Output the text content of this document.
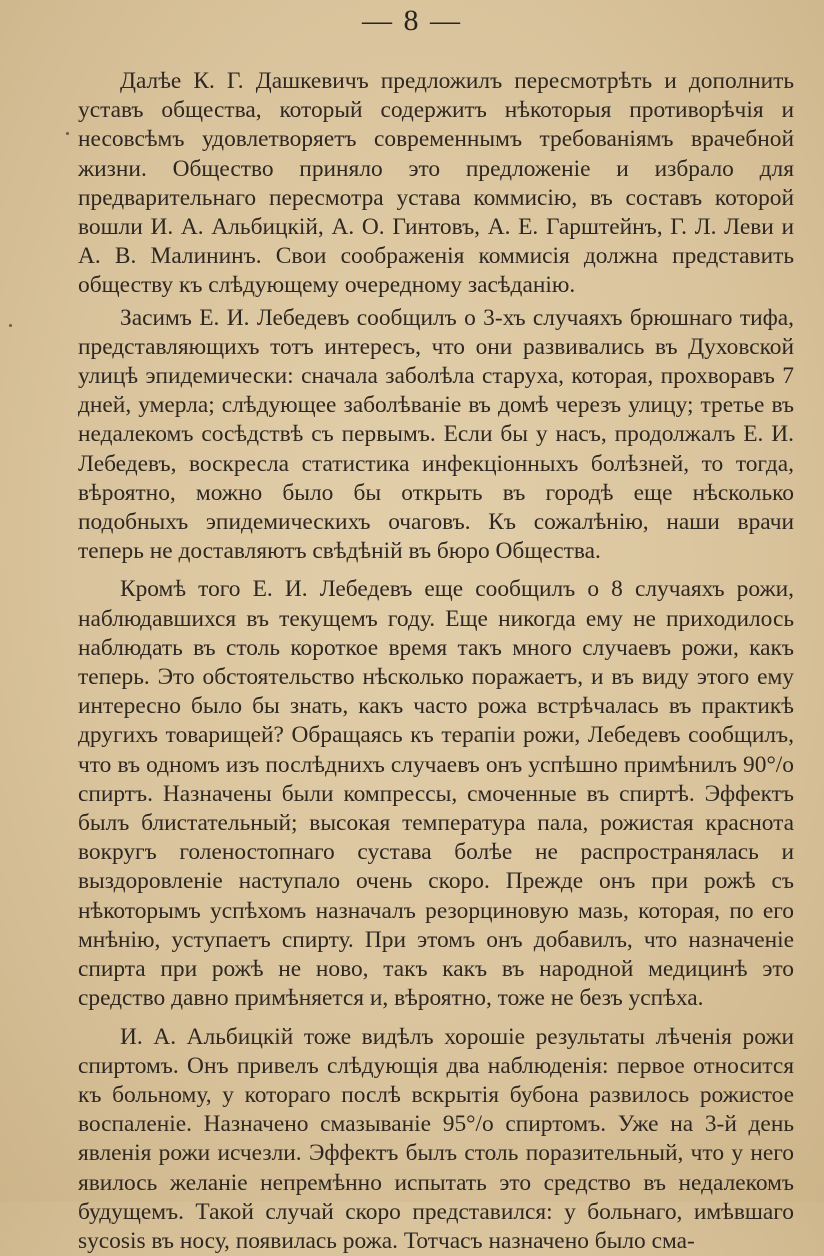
— 8 —

Далѣе К. Г. Дашкевичъ предложилъ пересмотрѣть и дополнить уставъ общества, который содержитъ нѣкоторыя противорѣчія и несовсѣмъ удовлетворяетъ современнымъ требованіямъ врачебной жизни. Общество приняло это предложеніе и избрало для предварительнаго пересмотра устава коммисію, въ составъ которой вошли И. А. Альбицкій, А. О. Гинтовъ, А. Е. Гарштейнъ, Г. Л. Леви и А. В. Малининъ. Свои соображенія коммисія должна представить обществу къ слѣдующему очередному засѣданію.

Засимъ Е. И. Лебедевъ сообщилъ о 3-хъ случаяхъ брюшнаго тифа, представляющихъ тотъ интересъ, что они развивались въ Духовской улицѣ эпидемически: сначала заболѣла старуха, которая, прохворавъ 7 дней, умерла; слѣдующее заболѣваніе въ домѣ черезъ улицу; третье въ недалекомъ сосѣдствѣ съ первымъ. Если бы у насъ, продолжалъ Е. И. Лебедевъ, воскресла статистика инфекціонныхъ болѣзней, то тогда, вѣроятно, можно было бы открыть въ городѣ еще нѣсколько подобныхъ эпидемическихъ очаговъ. Къ сожалѣнію, наши врачи теперь не доставляютъ свѣдѣній въ бюро Общества.

Кромѣ того Е. И. Лебедевъ еще сообщилъ о 8 случаяхъ рожи, наблюдавшихся въ текущемъ году. Еще никогда ему не приходилось наблюдать въ столь короткое время такъ много случаевъ рожи, какъ теперь. Это обстоятельство нѣсколько поражаетъ, и въ виду этого ему интересно было бы знать, какъ часто рожа встрѣчалась въ практикѣ другихъ товарищей? Обращаясь къ терапіи рожи, Лебедевъ сообщилъ, что въ одномъ изъ послѣднихъ случаевъ онъ успѣшно примѣнилъ 90°/о спиртъ. Назначены были компрессы, смоченные въ спиртѣ. Эффектъ былъ блистательный; высокая температура пала, рожистая краснота вокругъ голеностопнаго сустава болѣе не распространялась и выздоровленіе наступало очень скоро. Прежде онъ при рожѣ съ нѣкоторымъ успѣхомъ назначалъ резорциновую мазь, которая, по его мнѣнію, уступаетъ спирту. При этомъ онъ добавилъ, что назначеніе спирта при рожѣ не ново, такъ какъ въ народной медицинѣ это средство давно примѣняется и, вѣроятно, тоже не безъ успѣха.

И. А. Альбицкій тоже видѣлъ хорошіе результаты лѣченія рожи спиртомъ. Онъ привелъ слѣдующія два наблюденія: первое относится къ больному, у котораго послѣ вскрытія бубона развилось рожистое воспаленіе. Назначено смазываніе 95°/о спиртомъ. Уже на 3-й день явленія рожи исчезли. Эффектъ былъ столь поразительный, что у него явилось желаніе непремѣнно испытать это средство въ недалекомъ будущемъ. Такой случай скоро представился: у больнаго, имѣвшаго sycosis въ носу, появилась рожа. Тотчасъ назначено было сма-
